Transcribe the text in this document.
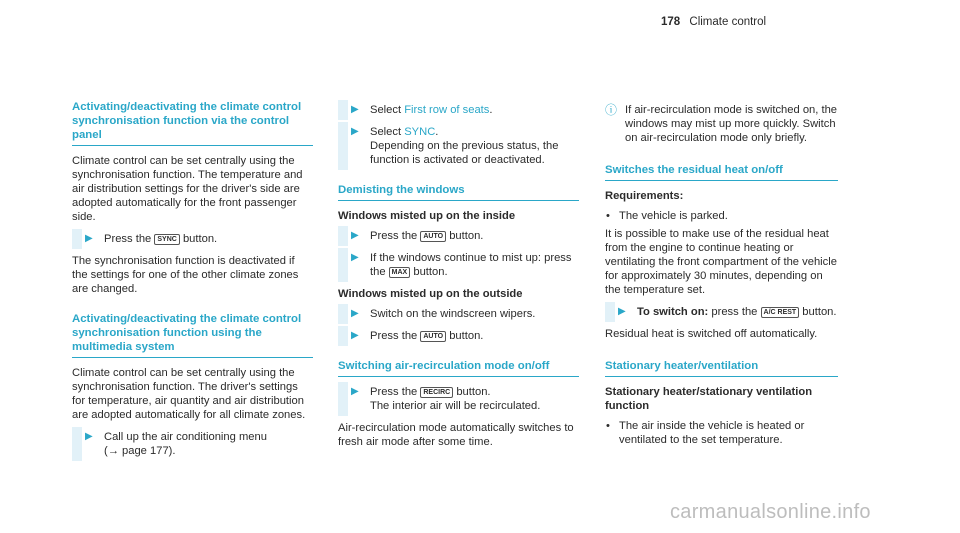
178 Climate control
Activating/deactivating the climate control synchronisation function via the control panel
Climate control can be set centrally using the synchronisation function. The temperature and air distribution settings for the driver's side are adopted automatically for the front passenger side.
▶ Press the SYNC button.
The synchronisation function is deactivated if the settings for one of the other climate zones are changed.
Activating/deactivating the climate control synchronisation function using the multimedia system
Climate control can be set centrally using the synchronisation function. The driver's settings for temperature, air quantity and air distribution are adopted automatically for all climate zones.
▶ Call up the air conditioning menu
(→ page 177).
▶ Select First row of seats.
▶ Select SYNC.
Depending on the previous status, the function is activated or deactivated.
Demisting the windows
Windows misted up on the inside
▶ Press the AUTO button.
▶ If the windows continue to mist up: press the MAX button.
Windows misted up on the outside
▶ Switch on the windscreen wipers.
▶ Press the AUTO button.
Switching air-recirculation mode on/off
▶ Press the RECIRC button.
The interior air will be recirculated.
Air-recirculation mode automatically switches to fresh air mode after some time.
ⓘ If air-recirculation mode is switched on, the windows may mist up more quickly. Switch on air-recirculation mode only briefly.
Switches the residual heat on/off
Requirements:
• The vehicle is parked.
It is possible to make use of the residual heat from the engine to continue heating or ventilating the front compartment of the vehicle for approximately 30 minutes, depending on the temperature set.
▶ To switch on: press the A/C REST button.
Residual heat is switched off automatically.
Stationary heater/ventilation
Stationary heater/stationary ventilation function
• The air inside the vehicle is heated or ventilated to the set temperature.
carmanualsonline.info
